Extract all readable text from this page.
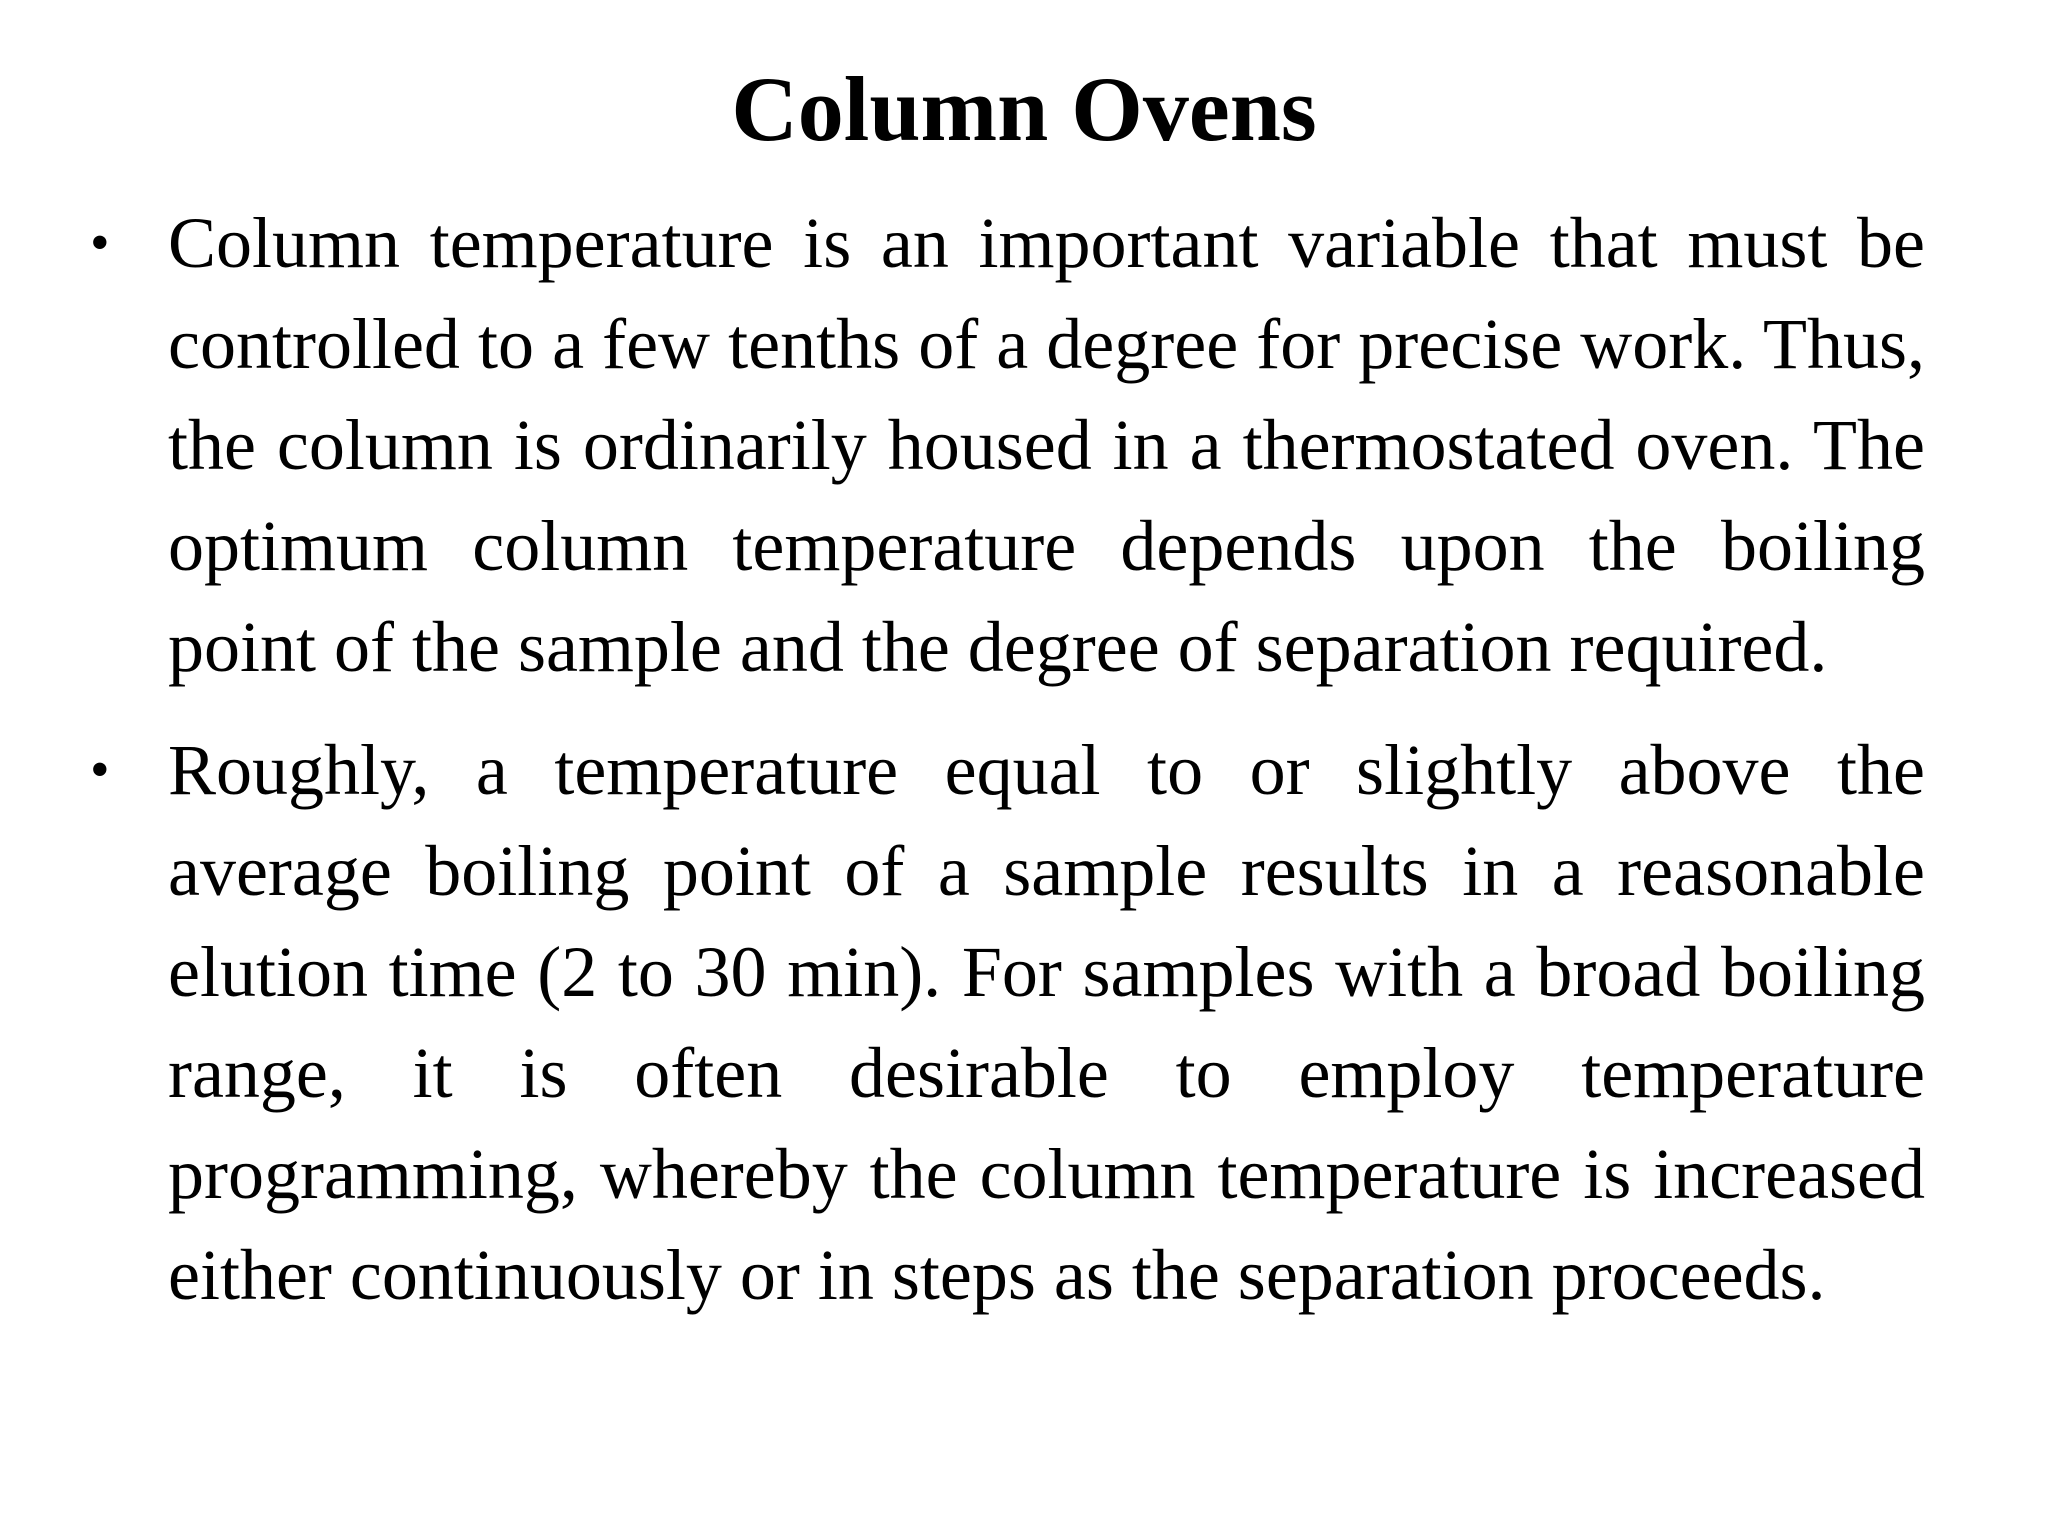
Column Ovens
• Column temperature is an important variable that must be controlled to a few tenths of a degree for precise work. Thus, the column is ordinarily housed in a thermostated oven. The optimum column temperature depends upon the boiling point of the sample and the degree of separation required.
• Roughly, a temperature equal to or slightly above the average boiling point of a sample results in a reasonable elution time (2 to 30 min). For samples with a broad boiling range, it is often desirable to employ temperature programming, whereby the column temperature is increased either continuously or in steps as the separation proceeds.
